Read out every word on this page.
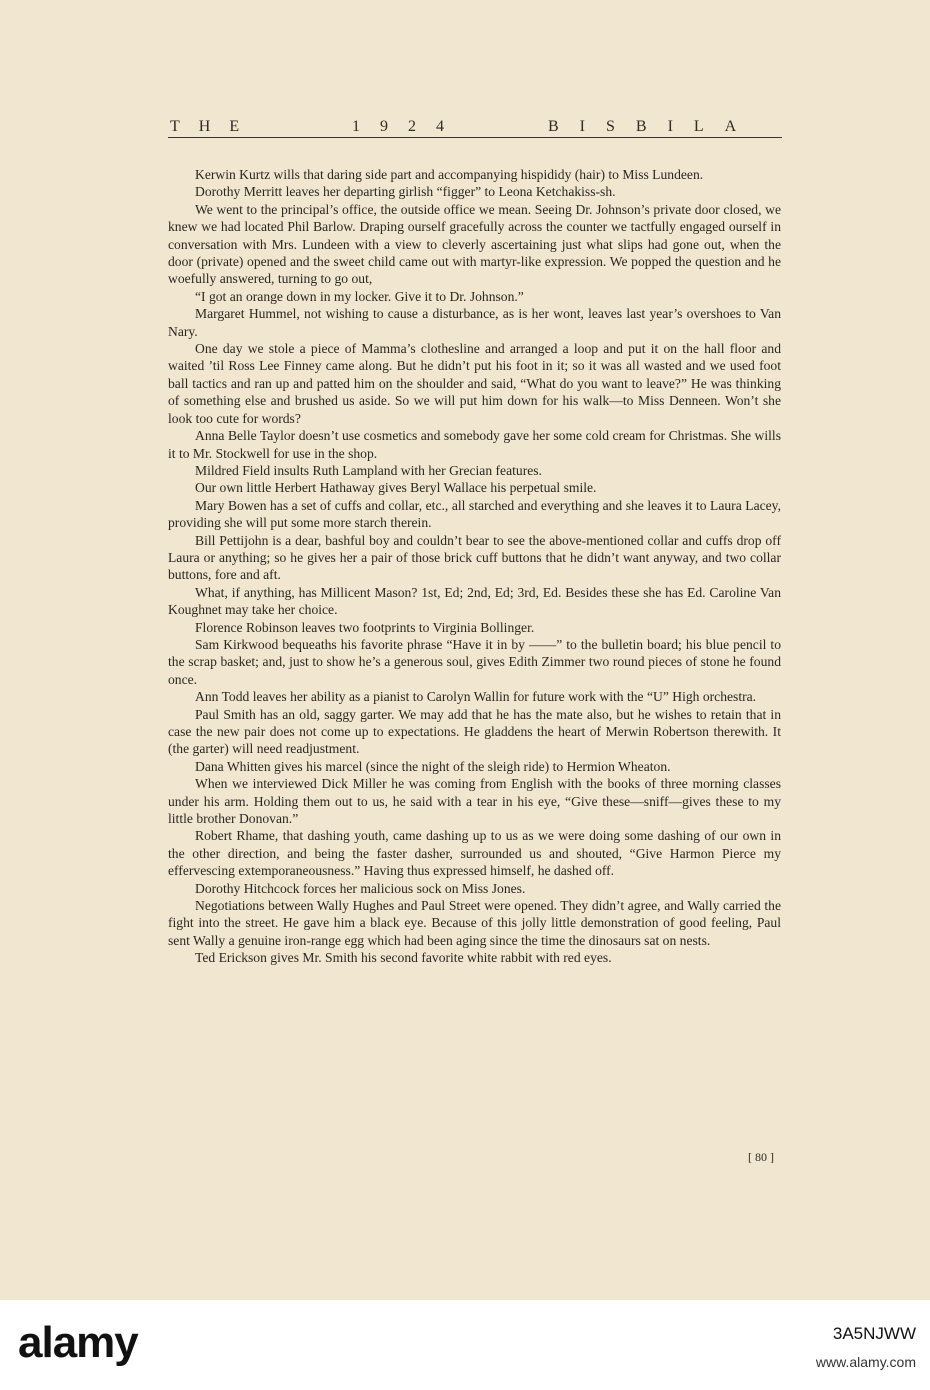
THE	1924	BISBILA

Kerwin Kurtz wills that daring side part and accompanying hispididy (hair) to Miss Lundeen.

Dorothy Merritt leaves her departing girlish “figger” to Leona Ketchakiss-sh.

We went to the principal’s office, the outside office we mean. Seeing Dr. Johnson’s private door closed, we knew we had located Phil Barlow. Draping ourself gracefully across the counter we tactfully engaged ourself in conversation with Mrs. Lundeen with a view to cleverly ascertaining just what slips had gone out, when the door (private) opened and the sweet child came out with martyr-like expression. We popped the question and he woefully answered, turning to go out,

“I got an orange down in my locker. Give it to Dr. Johnson.”

Margaret Hummel, not wishing to cause a disturbance, as is her wont, leaves last year’s overshoes to Van Nary.

One day we stole a piece of Mamma’s clothesline and arranged a loop and put it on the hall floor and waited ’til Ross Lee Finney came along. But he didn’t put his foot in it; so it was all wasted and we used foot ball tactics and ran up and patted him on the shoulder and said, “What do you want to leave?” He was thinking of something else and brushed us aside. So we will put him down for his walk—to Miss Denneen. Won’t she look too cute for words?

Anna Belle Taylor doesn’t use cosmetics and somebody gave her some cold cream for Christmas. She wills it to Mr. Stockwell for use in the shop.

Mildred Field insults Ruth Lampland with her Grecian features.

Our own little Herbert Hathaway gives Beryl Wallace his perpetual smile.

Mary Bowen has a set of cuffs and collar, etc., all starched and everything and she leaves it to Laura Lacey, providing she will put some more starch therein.

Bill Pettijohn is a dear, bashful boy and couldn’t bear to see the above-mentioned collar and cuffs drop off Laura or anything; so he gives her a pair of those brick cuff buttons that he didn’t want anyway, and two collar buttons, fore and aft.

What, if anything, has Millicent Mason? 1st, Ed; 2nd, Ed; 3rd, Ed. Besides these she has Ed. Caroline Van Koughnet may take her choice.

Florence Robinson leaves two footprints to Virginia Bollinger.

Sam Kirkwood bequeaths his favorite phrase “Have it in by ——” to the bulletin board; his blue pencil to the scrap basket; and, just to show he’s a generous soul, gives Edith Zimmer two round pieces of stone he found once.

Ann Todd leaves her ability as a pianist to Carolyn Wallin for future work with the “U” High orchestra.

Paul Smith has an old, saggy garter. We may add that he has the mate also, but he wishes to retain that in case the new pair does not come up to expectations. He gladdens the heart of Merwin Robertson therewith. It (the garter) will need readjustment.

Dana Whitten gives his marcel (since the night of the sleigh ride) to Hermion Wheaton.

When we interviewed Dick Miller he was coming from English with the books of three morning classes under his arm. Holding them out to us, he said with a tear in his eye, “Give these—sniff—gives these to my little brother Donovan.”

Robert Rhame, that dashing youth, came dashing up to us as we were doing some dashing of our own in the other direction, and being the faster dasher, surrounded us and shouted, “Give Harmon Pierce my effervescing extemporaneousness.” Having thus expressed himself, he dashed off.

Dorothy Hitchcock forces her malicious sock on Miss Jones.

Negotiations between Wally Hughes and Paul Street were opened. They didn’t agree, and Wally carried the fight into the street. He gave him a black eye. Because of this jolly little demonstration of good feeling, Paul sent Wally a genuine iron-range egg which had been aging since the time the dinosaurs sat on nests.

Ted Erickson gives Mr. Smith his second favorite white rabbit with red eyes.

[ 80 ]
alamy	3A5NJWW
www.alamy.com
